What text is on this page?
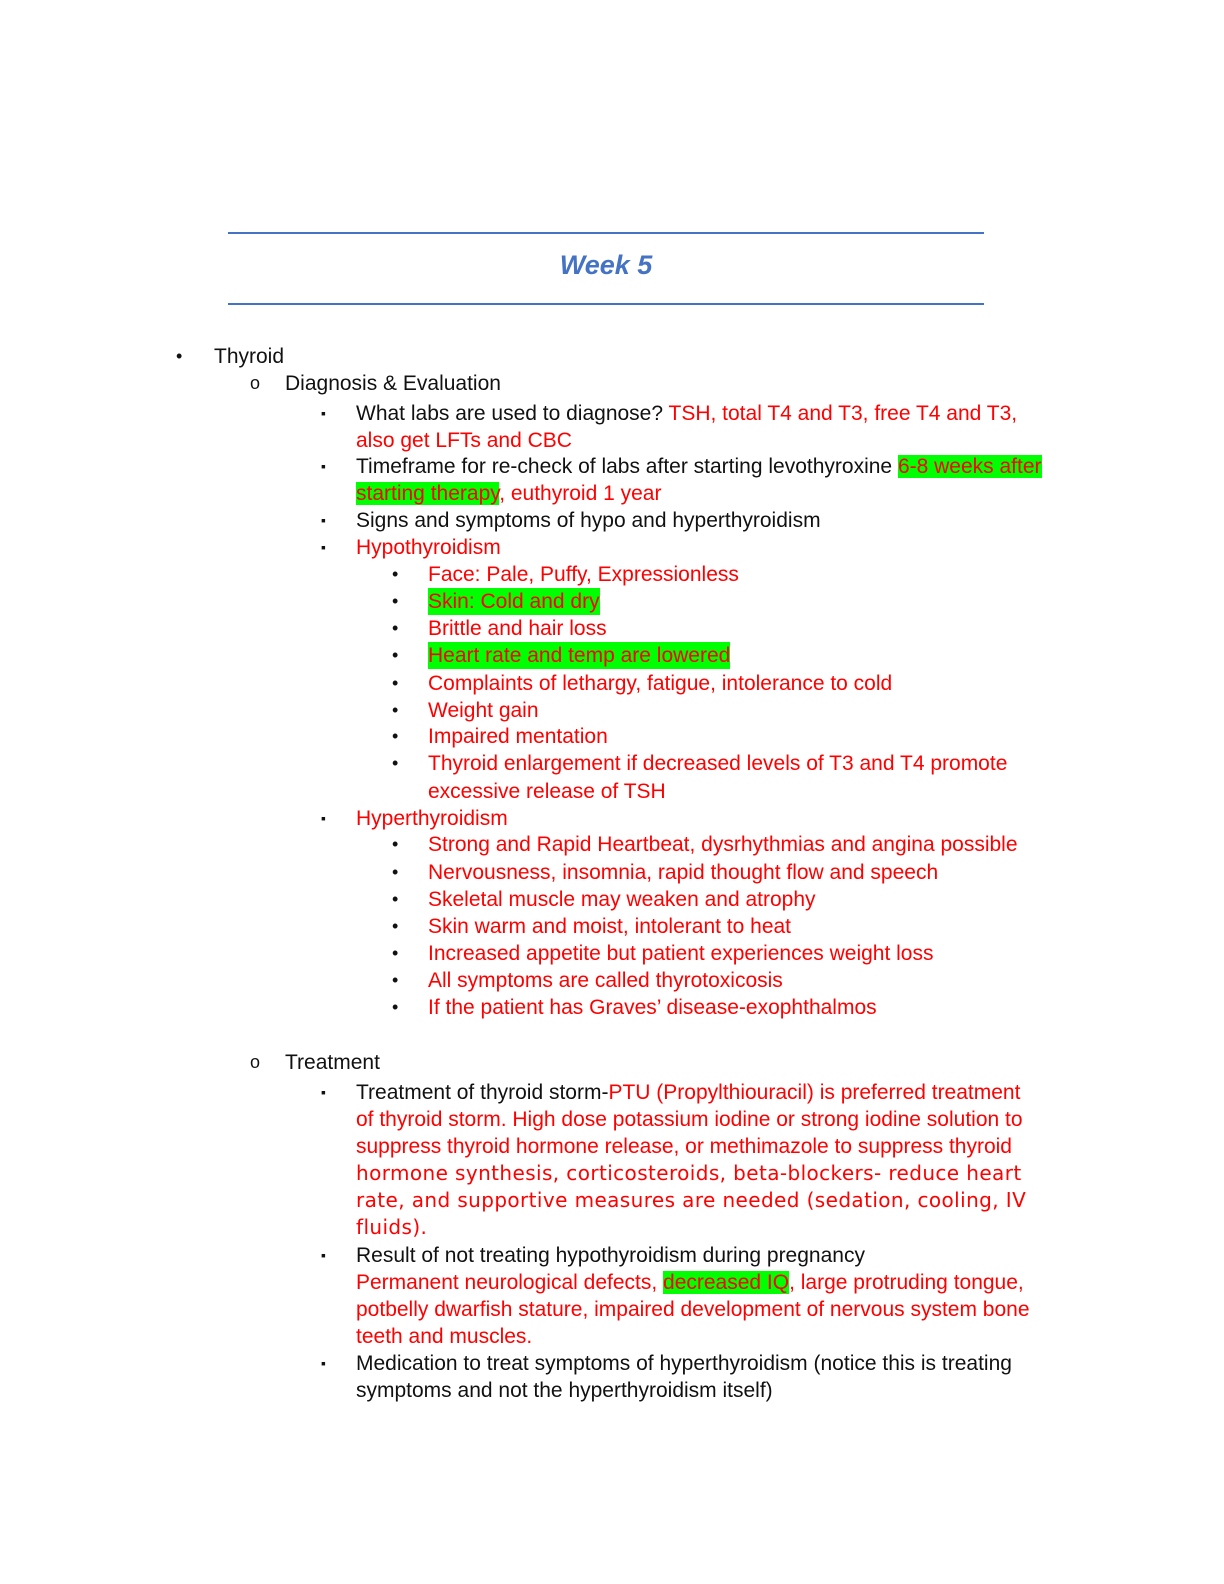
Week 5
• Thyroid
o Diagnosis & Evaluation
▪ What labs are used to diagnose? TSH, total T4 and T3, free T4 and T3,
also get LFTs and CBC
▪ Timeframe for re-check of labs after starting levothyroxine 6-8 weeks after
starting therapy, euthyroid 1 year
▪ Signs and symptoms of hypo and hyperthyroidism
▪ Hypothyroidism
• Face: Pale, Puffy, Expressionless
• Skin: Cold and dry
• Brittle and hair loss
• Heart rate and temp are lowered
• Complaints of lethargy, fatigue, intolerance to cold
• Weight gain
• Impaired mentation
• Thyroid enlargement if decreased levels of T3 and T4 promote
excessive release of TSH
▪ Hyperthyroidism
• Strong and Rapid Heartbeat, dysrhythmias and angina possible
• Nervousness, insomnia, rapid thought flow and speech
• Skeletal muscle may weaken and atrophy
• Skin warm and moist, intolerant to heat
• Increased appetite but patient experiences weight loss
• All symptoms are called thyrotoxicosis
• If the patient has Graves’ disease-exophthalmos
o Treatment
▪ Treatment of thyroid storm-PTU (Propylthiouracil) is preferred treatment
of thyroid storm. High dose potassium iodine or strong iodine solution to
suppress thyroid hormone release, or methimazole to suppress thyroid
hormone synthesis, corticosteroids, beta-blockers- reduce heart
rate, and supportive measures are needed (sedation, cooling, IV
fluids).
▪ Result of not treating hypothyroidism during pregnancy
Permanent neurological defects, decreased IQ, large protruding tongue,
potbelly dwarfish stature, impaired development of nervous system bone
teeth and muscles.
▪ Medication to treat symptoms of hyperthyroidism (notice this is treating
symptoms and not the hyperthyroidism itself)
